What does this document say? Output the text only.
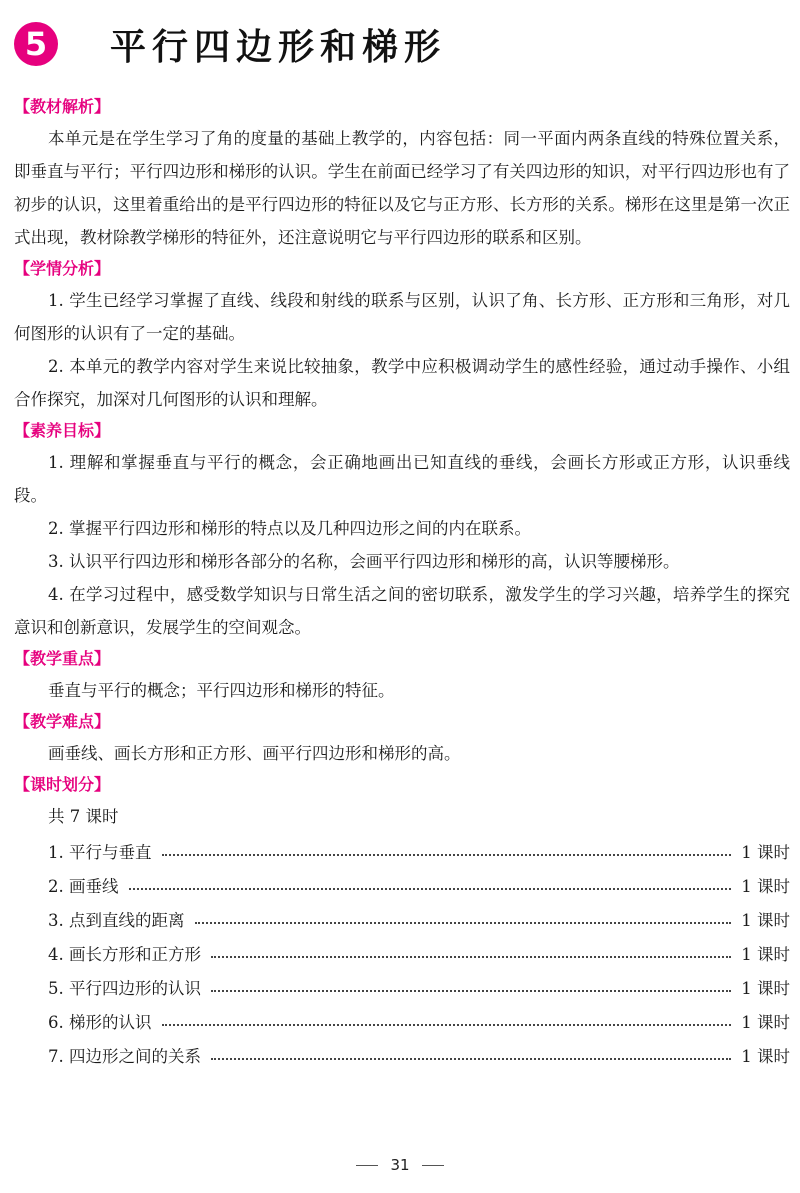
5	平行四边形和梯形
【教材解析】

本单元是在学生学习了角的度量的基础上教学的，内容包括：同一平面内两条直线的特殊位置关系，即垂直与平行；平行四边形和梯形的认识。学生在前面已经学习了有关四边形的知识，对平行四边形也有了初步的认识，这里着重给出的是平行四边形的特征以及它与正方形、长方形的关系。梯形在这里是第一次正式出现，教材除教学梯形的特征外，还注意说明它与平行四边形的联系和区别。

【学情分析】

1. 学生已经学习掌握了直线、线段和射线的联系与区别，认识了角、长方形、正方形和三角形，对几何图形的认识有了一定的基础。

2. 本单元的教学内容对学生来说比较抽象，教学中应积极调动学生的感性经验，通过动手操作、小组合作探究，加深对几何图形的认识和理解。

【素养目标】

1. 理解和掌握垂直与平行的概念，会正确地画出已知直线的垂线，会画长方形或正方形，认识垂线段。

2. 掌握平行四边形和梯形的特点以及几种四边形之间的内在联系。

3. 认识平行四边形和梯形各部分的名称，会画平行四边形和梯形的高，认识等腰梯形。

4. 在学习过程中，感受数学知识与日常生活之间的密切联系，激发学生的学习兴趣，培养学生的探究意识和创新意识，发展学生的空间观念。

【教学重点】

垂直与平行的概念；平行四边形和梯形的特征。

【教学难点】

画垂线、画长方形和正方形、画平行四边形和梯形的高。

【课时划分】
共 7 课时
1. 平行与垂直	1 课时
2. 画垂线	1 课时
3. 点到直线的距离	1 课时
4. 画长方形和正方形	1 课时
5. 平行四边形的认识	1 课时
6. 梯形的认识	1 课时
7. 四边形之间的关系	1 课时
31
